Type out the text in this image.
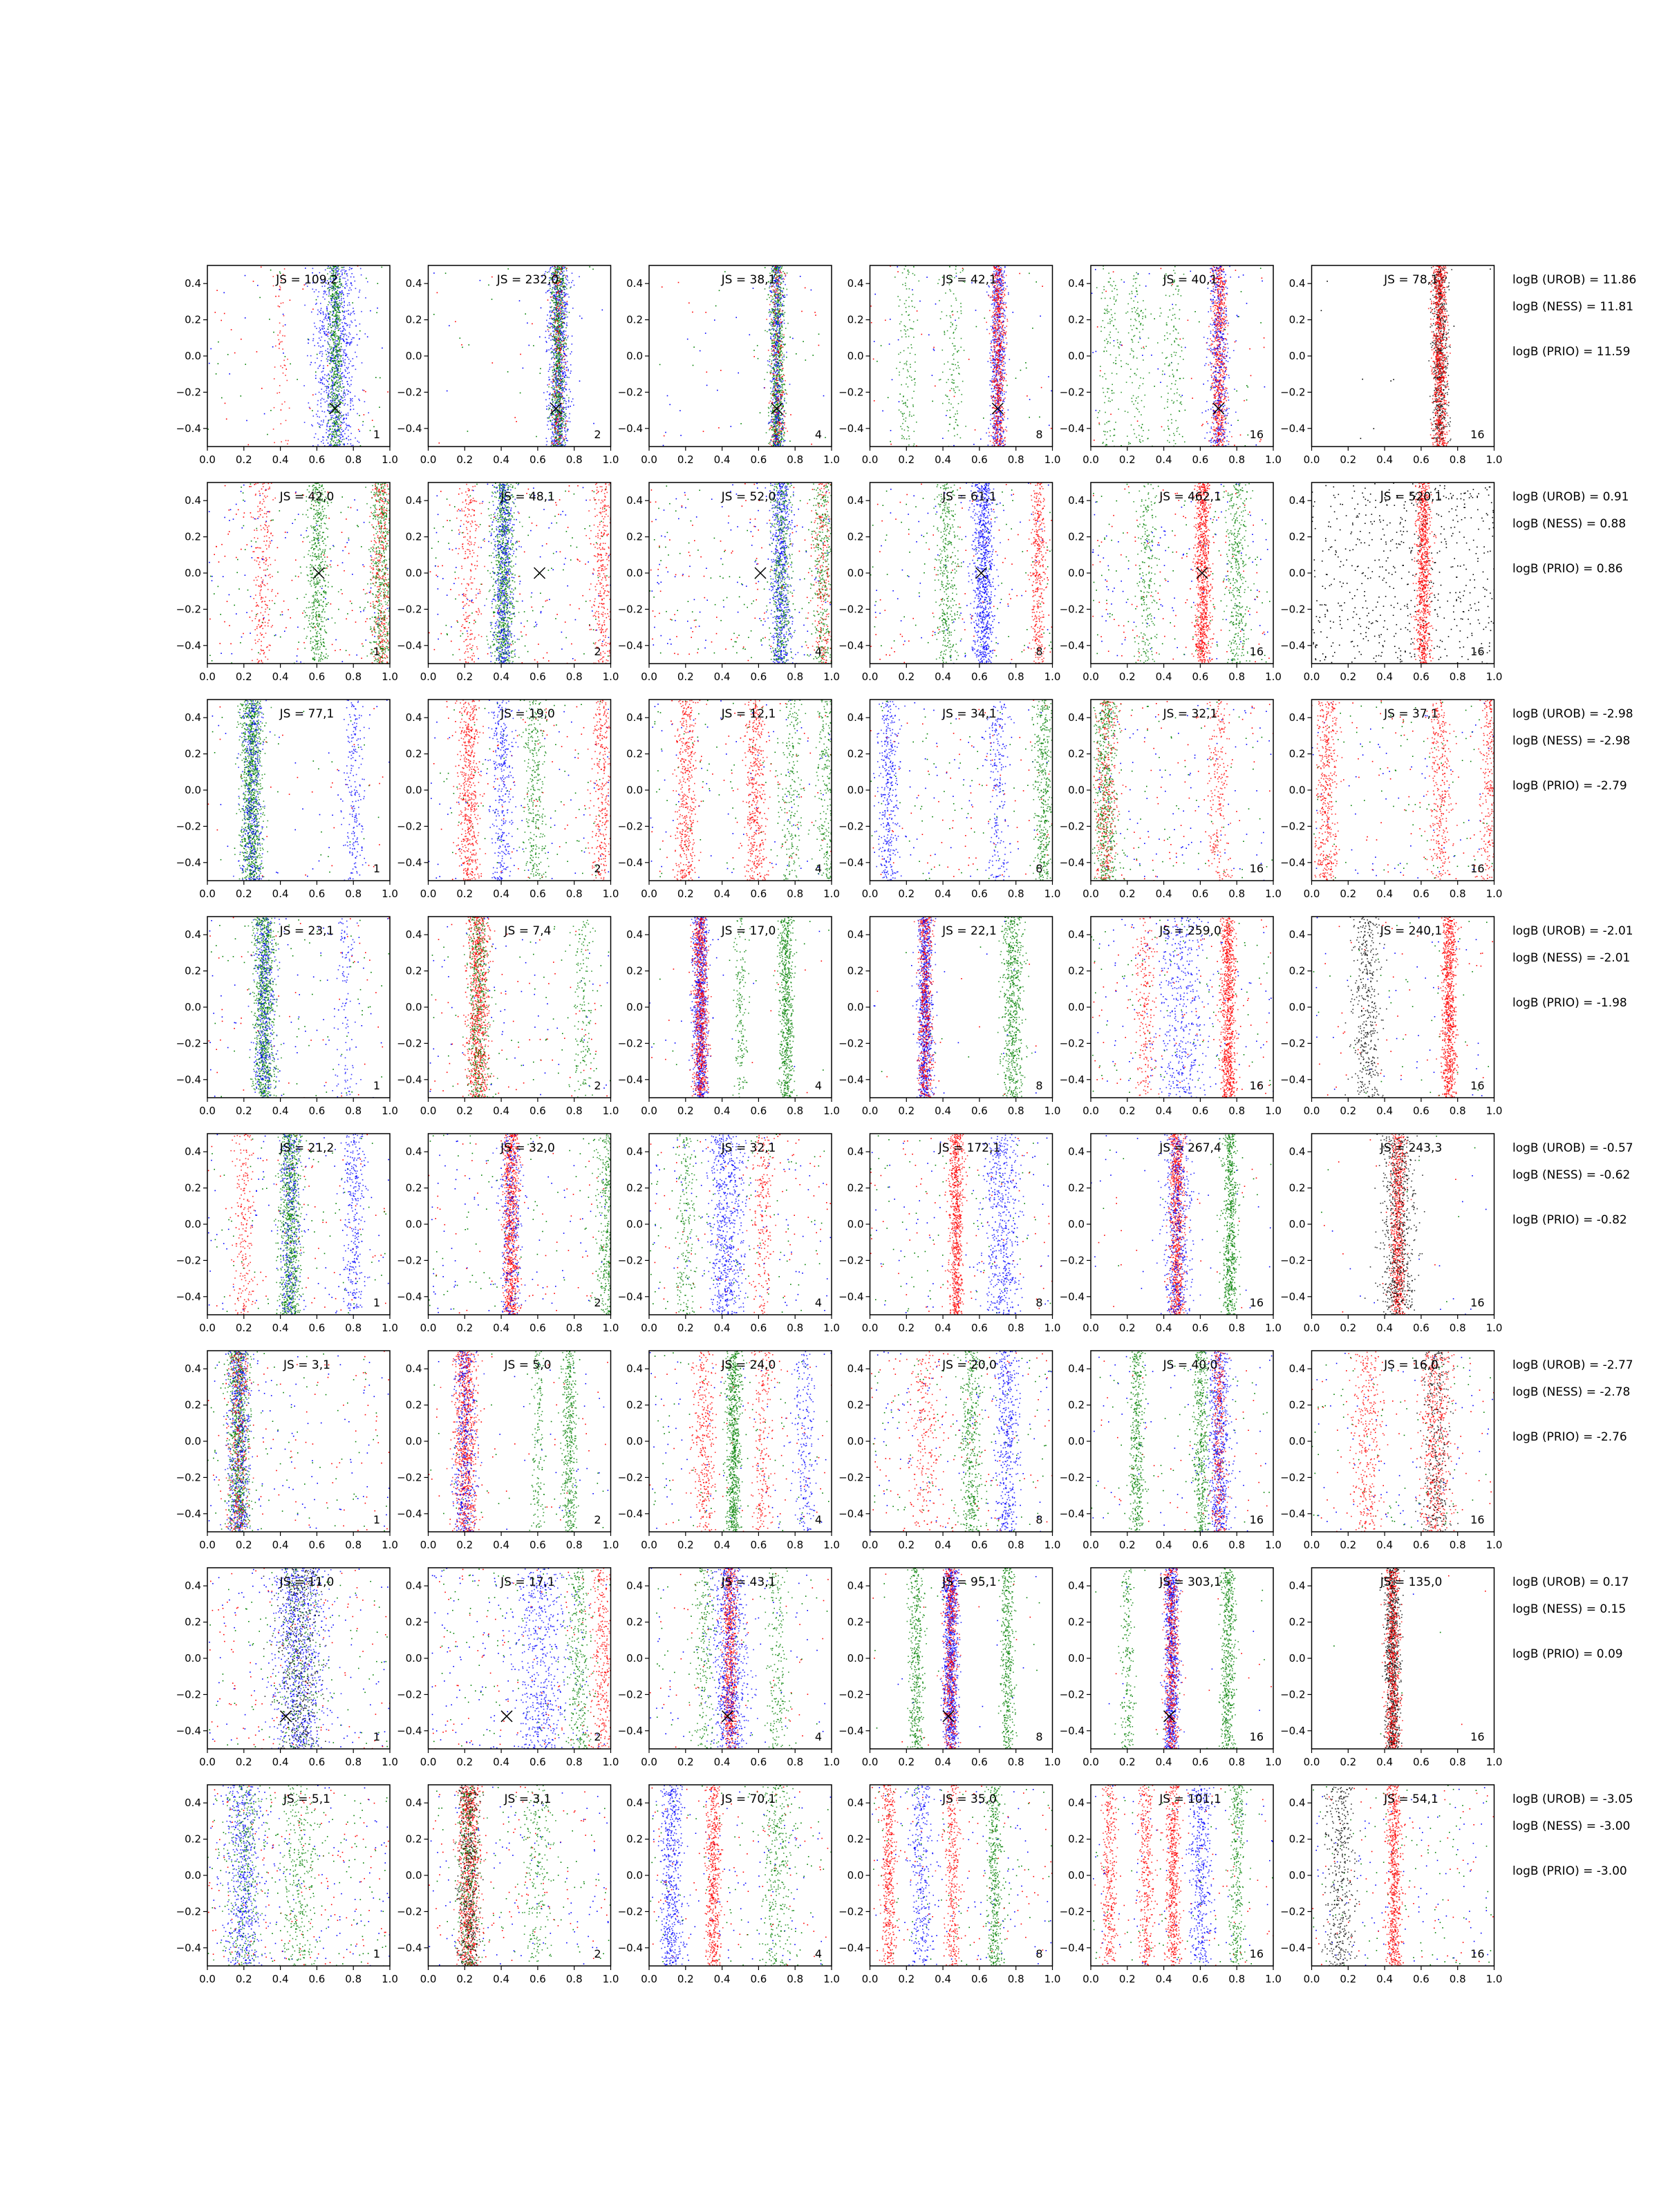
0.0 0.2 0.4 0.6 0.8 1.0
−0.4
−0.2
0.0
0.2
0.4	JS = 109,2
1
0.0 0.2 0.4 0.6 0.8 1.0
−0.4
−0.2
0.0
0.2
0.4	JS = 232,0
2
0.0 0.2 0.4 0.6 0.8 1.0
−0.4
−0.2
0.0
0.2
0.4	JS = 38,1
4
0.0 0.2 0.4 0.6 0.8 1.0
−0.4
−0.2
0.0
0.2
0.4	JS = 42,1
8
0.0 0.2 0.4 0.6 0.8 1.0
−0.4
−0.2
0.0
0.2
0.4	JS = 40,1
16
0.0 0.2 0.4 0.6 0.8 1.0
−0.4
−0.2
0.0
0.2
0.4	JS = 78,1
16
0.0 0.2 0.4 0.6 0.8 1.0
−0.4
−0.2
0.0
0.2
0.4	JS = 42,0
1
0.0 0.2 0.4 0.6 0.8 1.0
−0.4
−0.2
0.0
0.2
0.4	JS = 48,1
2
0.0 0.2 0.4 0.6 0.8 1.0
−0.4
−0.2
0.0
0.2
0.4	JS = 52,0
4
0.0 0.2 0.4 0.6 0.8 1.0
−0.4
−0.2
0.0
0.2
0.4	JS = 61,1
8
0.0 0.2 0.4 0.6 0.8 1.0
−0.4
−0.2
0.0
0.2
0.4	JS = 462,1
16
0.0 0.2 0.4 0.6 0.8 1.0
−0.4
−0.2
0.0
0.2
0.4	JS = 520,1
16
0.0 0.2 0.4 0.6 0.8 1.0
−0.4
−0.2
0.0
0.2
0.4	JS = 77,1
1
0.0 0.2 0.4 0.6 0.8 1.0
−0.4
−0.2
0.0
0.2
0.4	JS = 19,0
2
0.0 0.2 0.4 0.6 0.8 1.0
−0.4
−0.2
0.0
0.2
0.4	JS = 12,1
4
0.0 0.2 0.4 0.6 0.8 1.0
−0.4
−0.2
0.0
0.2
0.4	JS = 34,1
8
0.0 0.2 0.4 0.6 0.8 1.0
−0.4
−0.2
0.0
0.2
0.4	JS = 32,1
16
0.0 0.2 0.4 0.6 0.8 1.0
−0.4
−0.2
0.0
0.2
0.4	JS = 37,1
16
0.0 0.2 0.4 0.6 0.8 1.0
−0.4
−0.2
0.0
0.2
0.4	JS = 23,1
1
0.0 0.2 0.4 0.6 0.8 1.0
−0.4
−0.2
0.0
0.2
0.4	JS = 7,4
2
0.0 0.2 0.4 0.6 0.8 1.0
−0.4
−0.2
0.0
0.2
0.4	JS = 17,0
4
0.0 0.2 0.4 0.6 0.8 1.0
−0.4
−0.2
0.0
0.2
0.4	JS = 22,1
8
0.0 0.2 0.4 0.6 0.8 1.0
−0.4
−0.2
0.0
0.2
0.4	JS = 259,0
16
0.0 0.2 0.4 0.6 0.8 1.0
−0.4
−0.2
0.0
0.2
0.4	JS = 240,1
16
0.0 0.2 0.4 0.6 0.8 1.0
−0.4
−0.2
0.0
0.2
0.4	JS = 21,2
1
0.0 0.2 0.4 0.6 0.8 1.0
−0.4
−0.2
0.0
0.2
0.4	JS = 32,0
2
0.0 0.2 0.4 0.6 0.8 1.0
−0.4
−0.2
0.0
0.2
0.4	JS = 32,1
4
0.0 0.2 0.4 0.6 0.8 1.0
−0.4
−0.2
0.0
0.2
0.4	JS = 172,1
8
0.0 0.2 0.4 0.6 0.8 1.0
−0.4
−0.2
0.0
0.2
0.4	JS = 267,4
16
0.0 0.2 0.4 0.6 0.8 1.0
−0.4
−0.2
0.0
0.2
0.4	JS = 243,3
16
0.0 0.2 0.4 0.6 0.8 1.0
−0.4
−0.2
0.0
0.2
0.4	JS = 3,1
1
0.0 0.2 0.4 0.6 0.8 1.0
−0.4
−0.2
0.0
0.2
0.4	JS = 5,0
2
0.0 0.2 0.4 0.6 0.8 1.0
−0.4
−0.2
0.0
0.2
0.4	JS = 24,0
4
0.0 0.2 0.4 0.6 0.8 1.0
−0.4
−0.2
0.0
0.2
0.4	JS = 20,0
8
0.0 0.2 0.4 0.6 0.8 1.0
−0.4
−0.2
0.0
0.2
0.4	JS = 40,0
16
0.0 0.2 0.4 0.6 0.8 1.0
−0.4
−0.2
0.0
0.2
0.4	JS = 16,0
16
0.0 0.2 0.4 0.6 0.8 1.0
−0.4
−0.2
0.0
0.2
0.4	JS = 11,0
1
0.0 0.2 0.4 0.6 0.8 1.0
−0.4
−0.2
0.0
0.2
0.4	JS = 17,1
2
0.0 0.2 0.4 0.6 0.8 1.0
−0.4
−0.2
0.0
0.2
0.4	JS = 43,1
4
0.0 0.2 0.4 0.6 0.8 1.0
−0.4
−0.2
0.0
0.2
0.4	JS = 95,1
8
0.0 0.2 0.4 0.6 0.8 1.0
−0.4
−0.2
0.0
0.2
0.4	JS = 303,1
16
0.0 0.2 0.4 0.6 0.8 1.0
−0.4
−0.2
0.0
0.2
0.4	JS = 135,0
16
0.0 0.2 0.4 0.6 0.8 1.0
−0.4
−0.2
0.0
0.2
0.4	JS = 5,1
1
0.0 0.2 0.4 0.6 0.8 1.0
−0.4
−0.2
0.0
0.2
0.4	JS = 3,1
2
0.0 0.2 0.4 0.6 0.8 1.0
−0.4
−0.2
0.0
0.2
0.4	JS = 70,1
4
0.0 0.2 0.4 0.6 0.8 1.0
−0.4
−0.2
0.0
0.2
0.4	JS = 35,0
8
0.0 0.2 0.4 0.6 0.8 1.0
−0.4
−0.2
0.0
0.2
0.4	JS = 101,1
16
0.0 0.2 0.4 0.6 0.8 1.0
−0.4
−0.2
0.0
0.2
0.4	JS = 54,1
16
logB (UROB) = 11.86
logB (NESS) = 11.81
logB (PRIO) = 11.59
logB (UROB) = 0.91
logB (NESS) = 0.88
logB (PRIO) = 0.86
logB (UROB) = -2.98
logB (NESS) = -2.98
logB (PRIO) = -2.79
logB (UROB) = -2.01
logB (NESS) = -2.01
logB (PRIO) = -1.98
logB (UROB) = -0.57
logB (NESS) = -0.62
logB (PRIO) = -0.82
logB (UROB) = -2.77
logB (NESS) = -2.78
logB (PRIO) = -2.76
logB (UROB) = 0.17
logB (NESS) = 0.15
logB (PRIO) = 0.09
logB (UROB) = -3.05
logB (NESS) = -3.00
logB (PRIO) = -3.00
